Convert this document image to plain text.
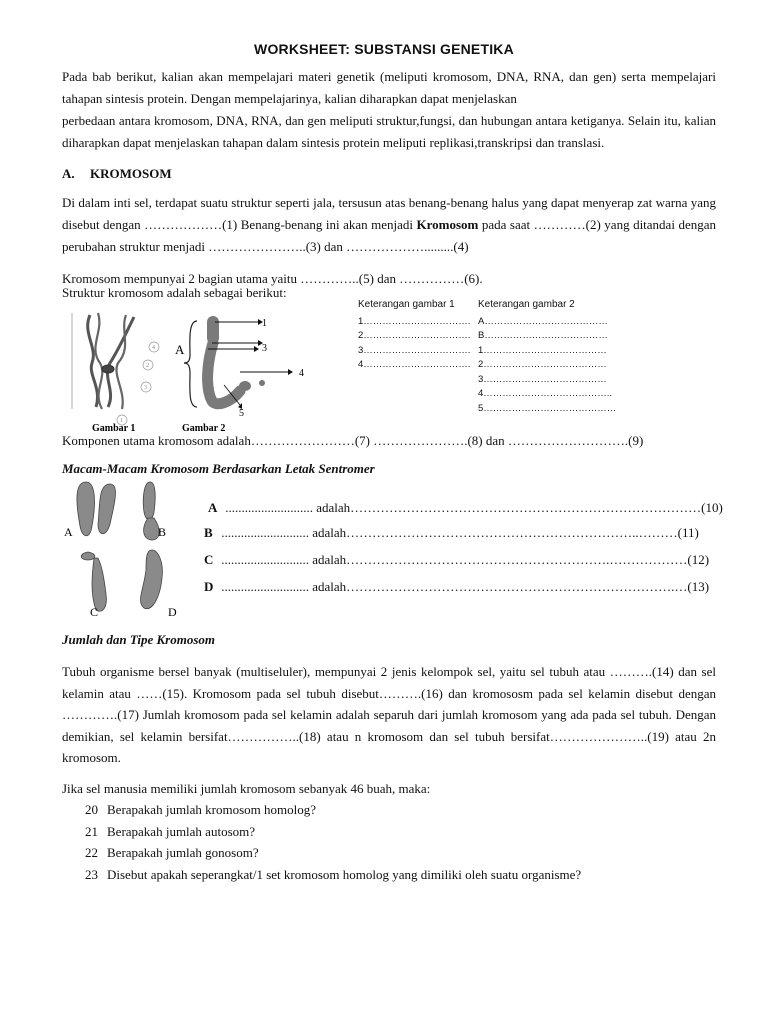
WORKSHEET: SUBSTANSI GENETIKA

Pada bab berikut, kalian akan mempelajari materi genetik (meliputi kromosom, DNA, RNA, dan gen) serta mempelajari tahapan sintesis protein. Dengan mempelajarinya, kalian diharapkan dapat menjelaskan

perbedaan antara kromosom, DNA, RNA, dan gen meliputi struktur,fungsi, dan hubungan antara ketiganya. Selain itu, kalian diharapkan dapat menjelaskan tahapan dalam sintesis protein meliputi replikasi,transkripsi dan translasi.

A. KROMOSOM

Di dalam inti sel, terdapat suatu struktur seperti jala, tersusun atas benang-benang halus yang dapat menyerap zat warna yang disebut dengan ………………(1) Benang-benang ini akan menjadi Kromosom pada saat …………(2) yang ditandai dengan perubahan struktur menjadi …………………..(3) dan ……………….........(4)

Kromosom mempunyai 2 bagian utama yaitu …………..(5) dan ……………(6).
Struktur kromosom adalah sebagai berikut:
4
2
3
1
Gambar 1
A
1
3
4
5
Gambar 2
Keterangan gambar 1
1…………………………….
2…………………………….
3…………………………….
4…………………………….
Keterangan gambar 2
A…………………………………
B…………………………………
1…………………………………
2…………………………………
3…………………………………
4…………………………………..
5……………………………………
Komponen utama kromosom adalah……………………(7) ………………….(8) dan ……………………….(9)
Macam-Macam Kromosom Berdasarkan Letak Sentromer
A	B
C	D
A ........................... adalah………………………………………………………………………(10)
B ........................... adalah…………………………………………………………..………(11)
C ........................... adalah…………………………………………………….………………(12)
D ........................... adalah………………………………………………………………….…(13)
Jumlah dan Tipe Kromosom

Tubuh organisme bersel banyak (multiseluler), mempunyai 2 jenis kelompok sel, yaitu sel tubuh atau ……….(14) dan sel kelamin atau ……(15). Kromosom pada sel tubuh disebut……….(16) dan kromososm pada sel kelamin disebut dengan ………….(17) Jumlah kromosom pada sel kelamin adalah separuh dari jumlah kromosom yang ada pada sel tubuh. Dengan demikian, sel kelamin bersifat……………..(18) atau n kromosom dan sel tubuh bersifat…………………..(19) atau 2n kromosom.

Jika sel manusia memiliki jumlah kromosom sebanyak 46 buah, maka:
20 Berapakah jumlah kromosom homolog?
21 Berapakah jumlah autosom?
22 Berapakah jumlah gonosom?
23 Disebut apakah seperangkat/1 set kromosom homolog yang dimiliki oleh suatu organisme?
